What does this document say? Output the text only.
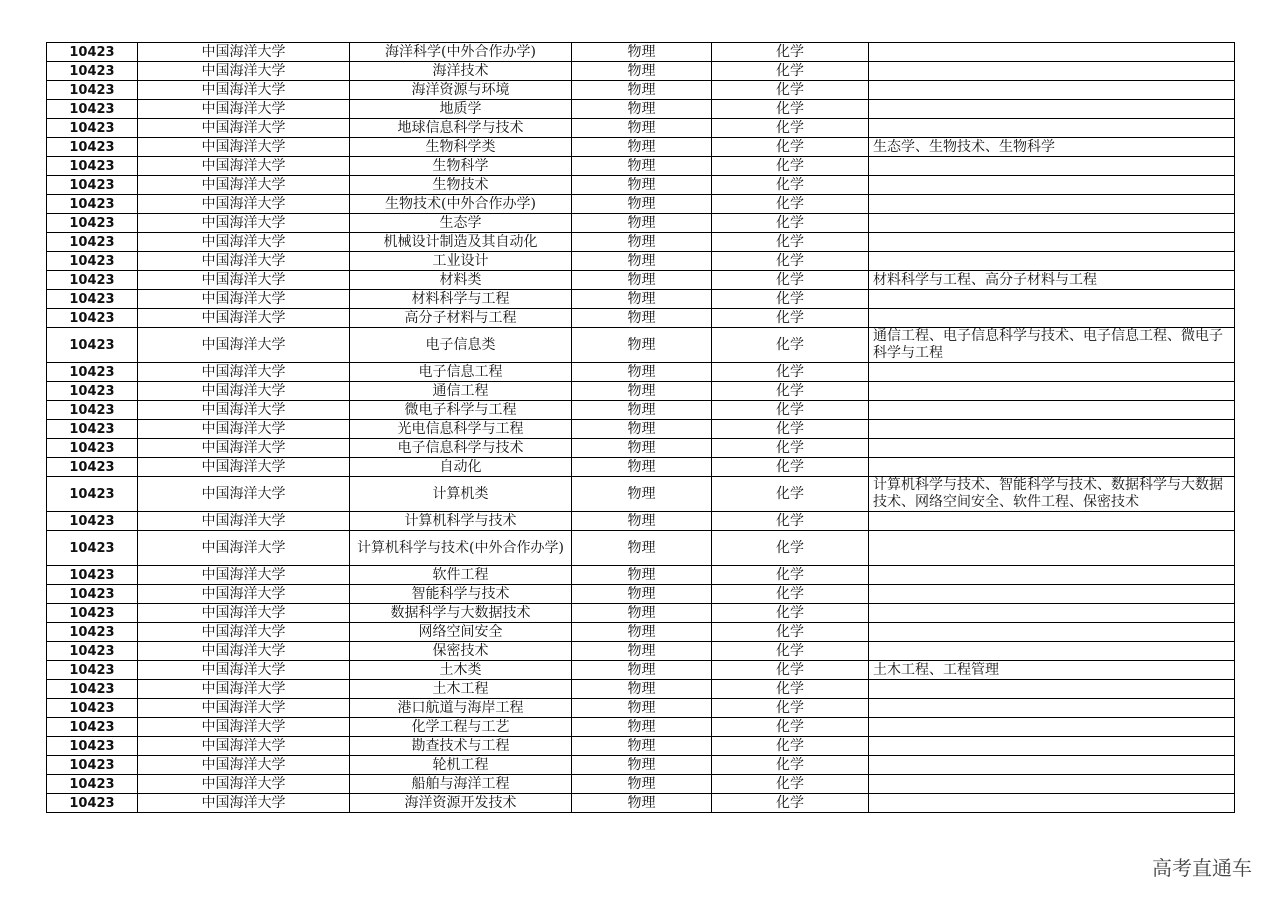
10423	中国海洋大学	海洋科学(中外合作办学)	物理	化学	
10423	中国海洋大学	海洋技术	物理	化学	
10423	中国海洋大学	海洋资源与环境	物理	化学	
10423	中国海洋大学	地质学	物理	化学	
10423	中国海洋大学	地球信息科学与技术	物理	化学	
10423	中国海洋大学	生物科学类	物理	化学	生态学、生物技术、生物科学
10423	中国海洋大学	生物科学	物理	化学	
10423	中国海洋大学	生物技术	物理	化学	
10423	中国海洋大学	生物技术(中外合作办学)	物理	化学	
10423	中国海洋大学	生态学	物理	化学	
10423	中国海洋大学	机械设计制造及其自动化	物理	化学	
10423	中国海洋大学	工业设计	物理	化学	
10423	中国海洋大学	材料类	物理	化学	材料科学与工程、高分子材料与工程
10423	中国海洋大学	材料科学与工程	物理	化学	
10423	中国海洋大学	高分子材料与工程	物理	化学	
10423	中国海洋大学	电子信息类	物理	化学	通信工程、电子信息科学与技术、电子信息工程、微电子科学与工程
10423	中国海洋大学	电子信息工程	物理	化学	
10423	中国海洋大学	通信工程	物理	化学	
10423	中国海洋大学	微电子科学与工程	物理	化学	
10423	中国海洋大学	光电信息科学与工程	物理	化学	
10423	中国海洋大学	电子信息科学与技术	物理	化学	
10423	中国海洋大学	自动化	物理	化学	
10423	中国海洋大学	计算机类	物理	化学	计算机科学与技术、智能科学与技术、数据科学与大数据技术、网络空间安全、软件工程、保密技术
10423	中国海洋大学	计算机科学与技术	物理	化学	
10423	中国海洋大学	计算机科学与技术(中外合作办学)	物理	化学	
10423	中国海洋大学	软件工程	物理	化学	
10423	中国海洋大学	智能科学与技术	物理	化学	
10423	中国海洋大学	数据科学与大数据技术	物理	化学	
10423	中国海洋大学	网络空间安全	物理	化学	
10423	中国海洋大学	保密技术	物理	化学	
10423	中国海洋大学	土木类	物理	化学	土木工程、工程管理
10423	中国海洋大学	土木工程	物理	化学	
10423	中国海洋大学	港口航道与海岸工程	物理	化学	
10423	中国海洋大学	化学工程与工艺	物理	化学	
10423	中国海洋大学	勘查技术与工程	物理	化学	
10423	中国海洋大学	轮机工程	物理	化学	
10423	中国海洋大学	船舶与海洋工程	物理	化学	
10423	中国海洋大学	海洋资源开发技术	物理	化学	
高考直通车
